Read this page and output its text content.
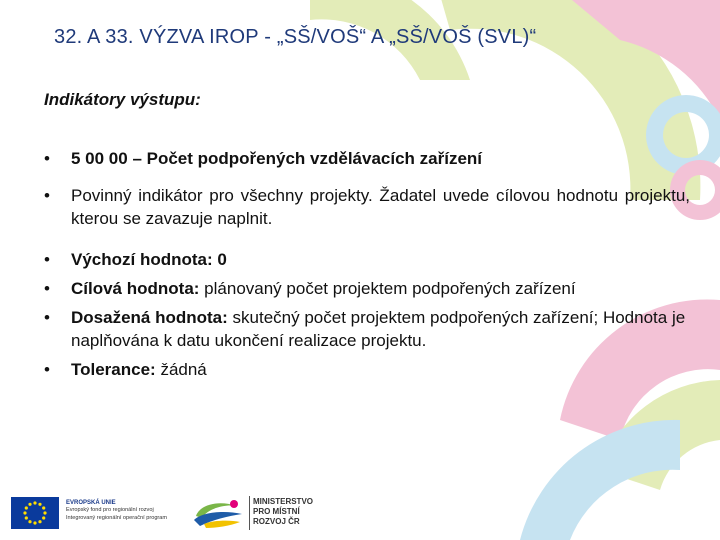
32. A 33. VÝZVA IROP - „SŠ/VOŠ“ A „SŠ/VOŠ (SVL)“
Indikátory výstupu:
• 5 00 00 – Počet podpořených vzdělávacích zařízení
• Povinný indikátor pro všechny projekty. Žadatel uvede cílovou hodnotu projektu, kterou se zavazuje naplnit.
• Výchozí hodnota: 0
• Cílová hodnota: plánovaný počet projektem podpořených zařízení
• Dosažená hodnota: skutečný počet projektem podpořených zařízení; Hodnota je naplňována k datu ukončení realizace projektu.
• Tolerance: žádná
EVROPSKÁ UNIE
Evropský fond pro regionální rozvoj
Integrovaný regionální operační program
MINISTERSTVO
PRO MÍSTNÍ
ROZVOJ ČR
